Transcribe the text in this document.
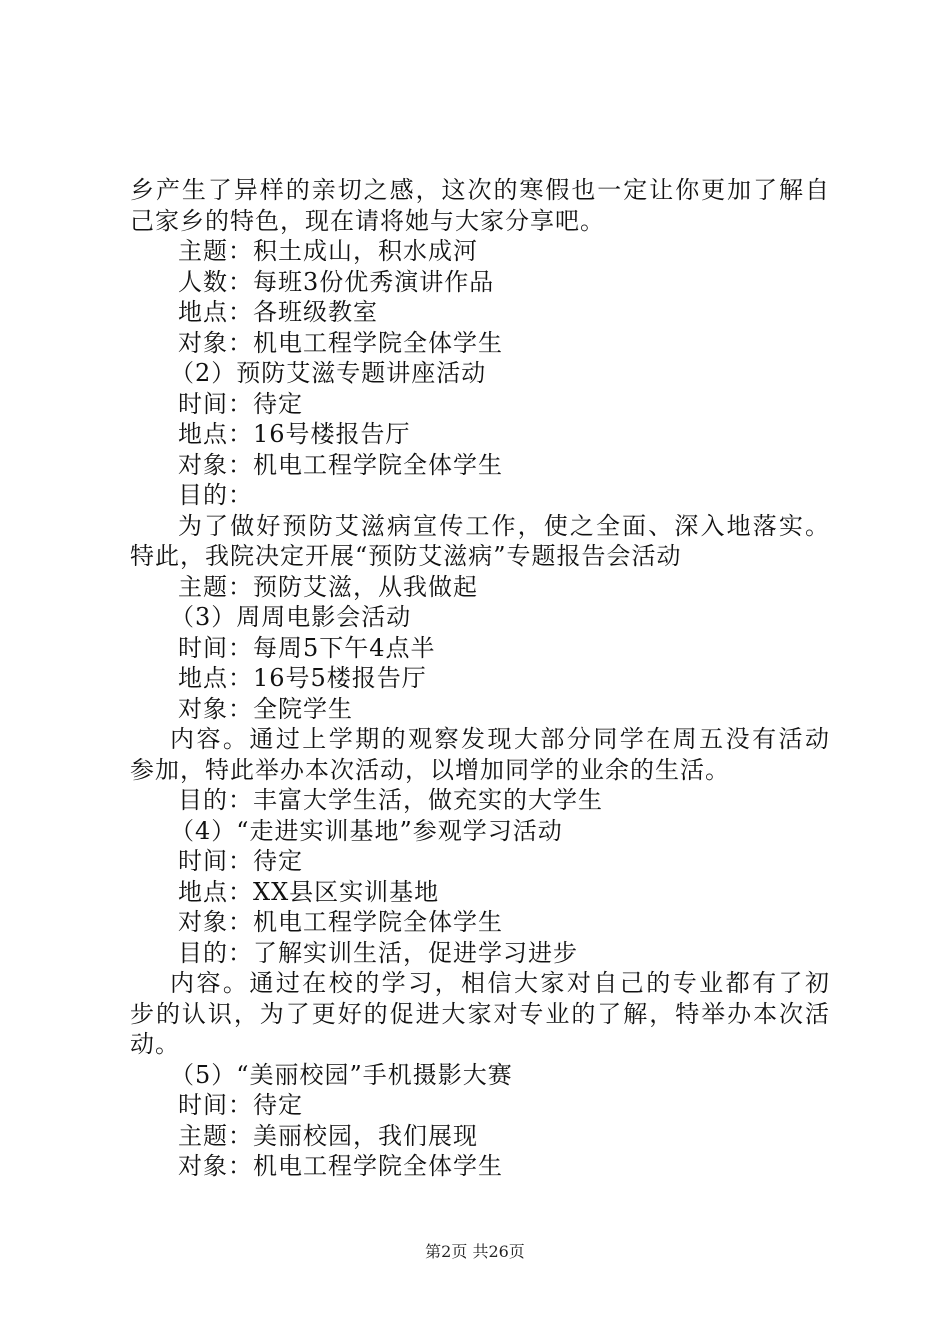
乡产生了异样的亲切之感，这次的寒假也一定让你更加了解自
己家乡的特色，现在请将她与大家分享吧。
主题：积土成山，积水成河
人数：每班3份优秀演讲作品
地点：各班级教室
对象：机电工程学院全体学生
（2）预防艾滋专题讲座活动
时间：待定
地点：16号楼报告厅
对象：机电工程学院全体学生
目的：
为了做好预防艾滋病宣传工作，使之全面、深入地落实。
特此，我院决定开展“预防艾滋病”专题报告会活动
主题：预防艾滋，从我做起
（3）周周电影会活动
时间：每周5下午4点半
地点：16号5楼报告厅
对象：全院学生
内容。通过上学期的观察发现大部分同学在周五没有活动
参加，特此举办本次活动，以增加同学的业余的生活。
目的：丰富大学生活，做充实的大学生
（4）“走进实训基地”参观学习活动
时间：待定
地点：XX县区实训基地
对象：机电工程学院全体学生
目的：了解实训生活，促进学习进步
内容。通过在校的学习，相信大家对自己的专业都有了初
步的认识，为了更好的促进大家对专业的了解，特举办本次活
动。
（5）“美丽校园”手机摄影大赛
时间：待定
主题：美丽校园，我们展现
对象：机电工程学院全体学生
第2页 共26页
